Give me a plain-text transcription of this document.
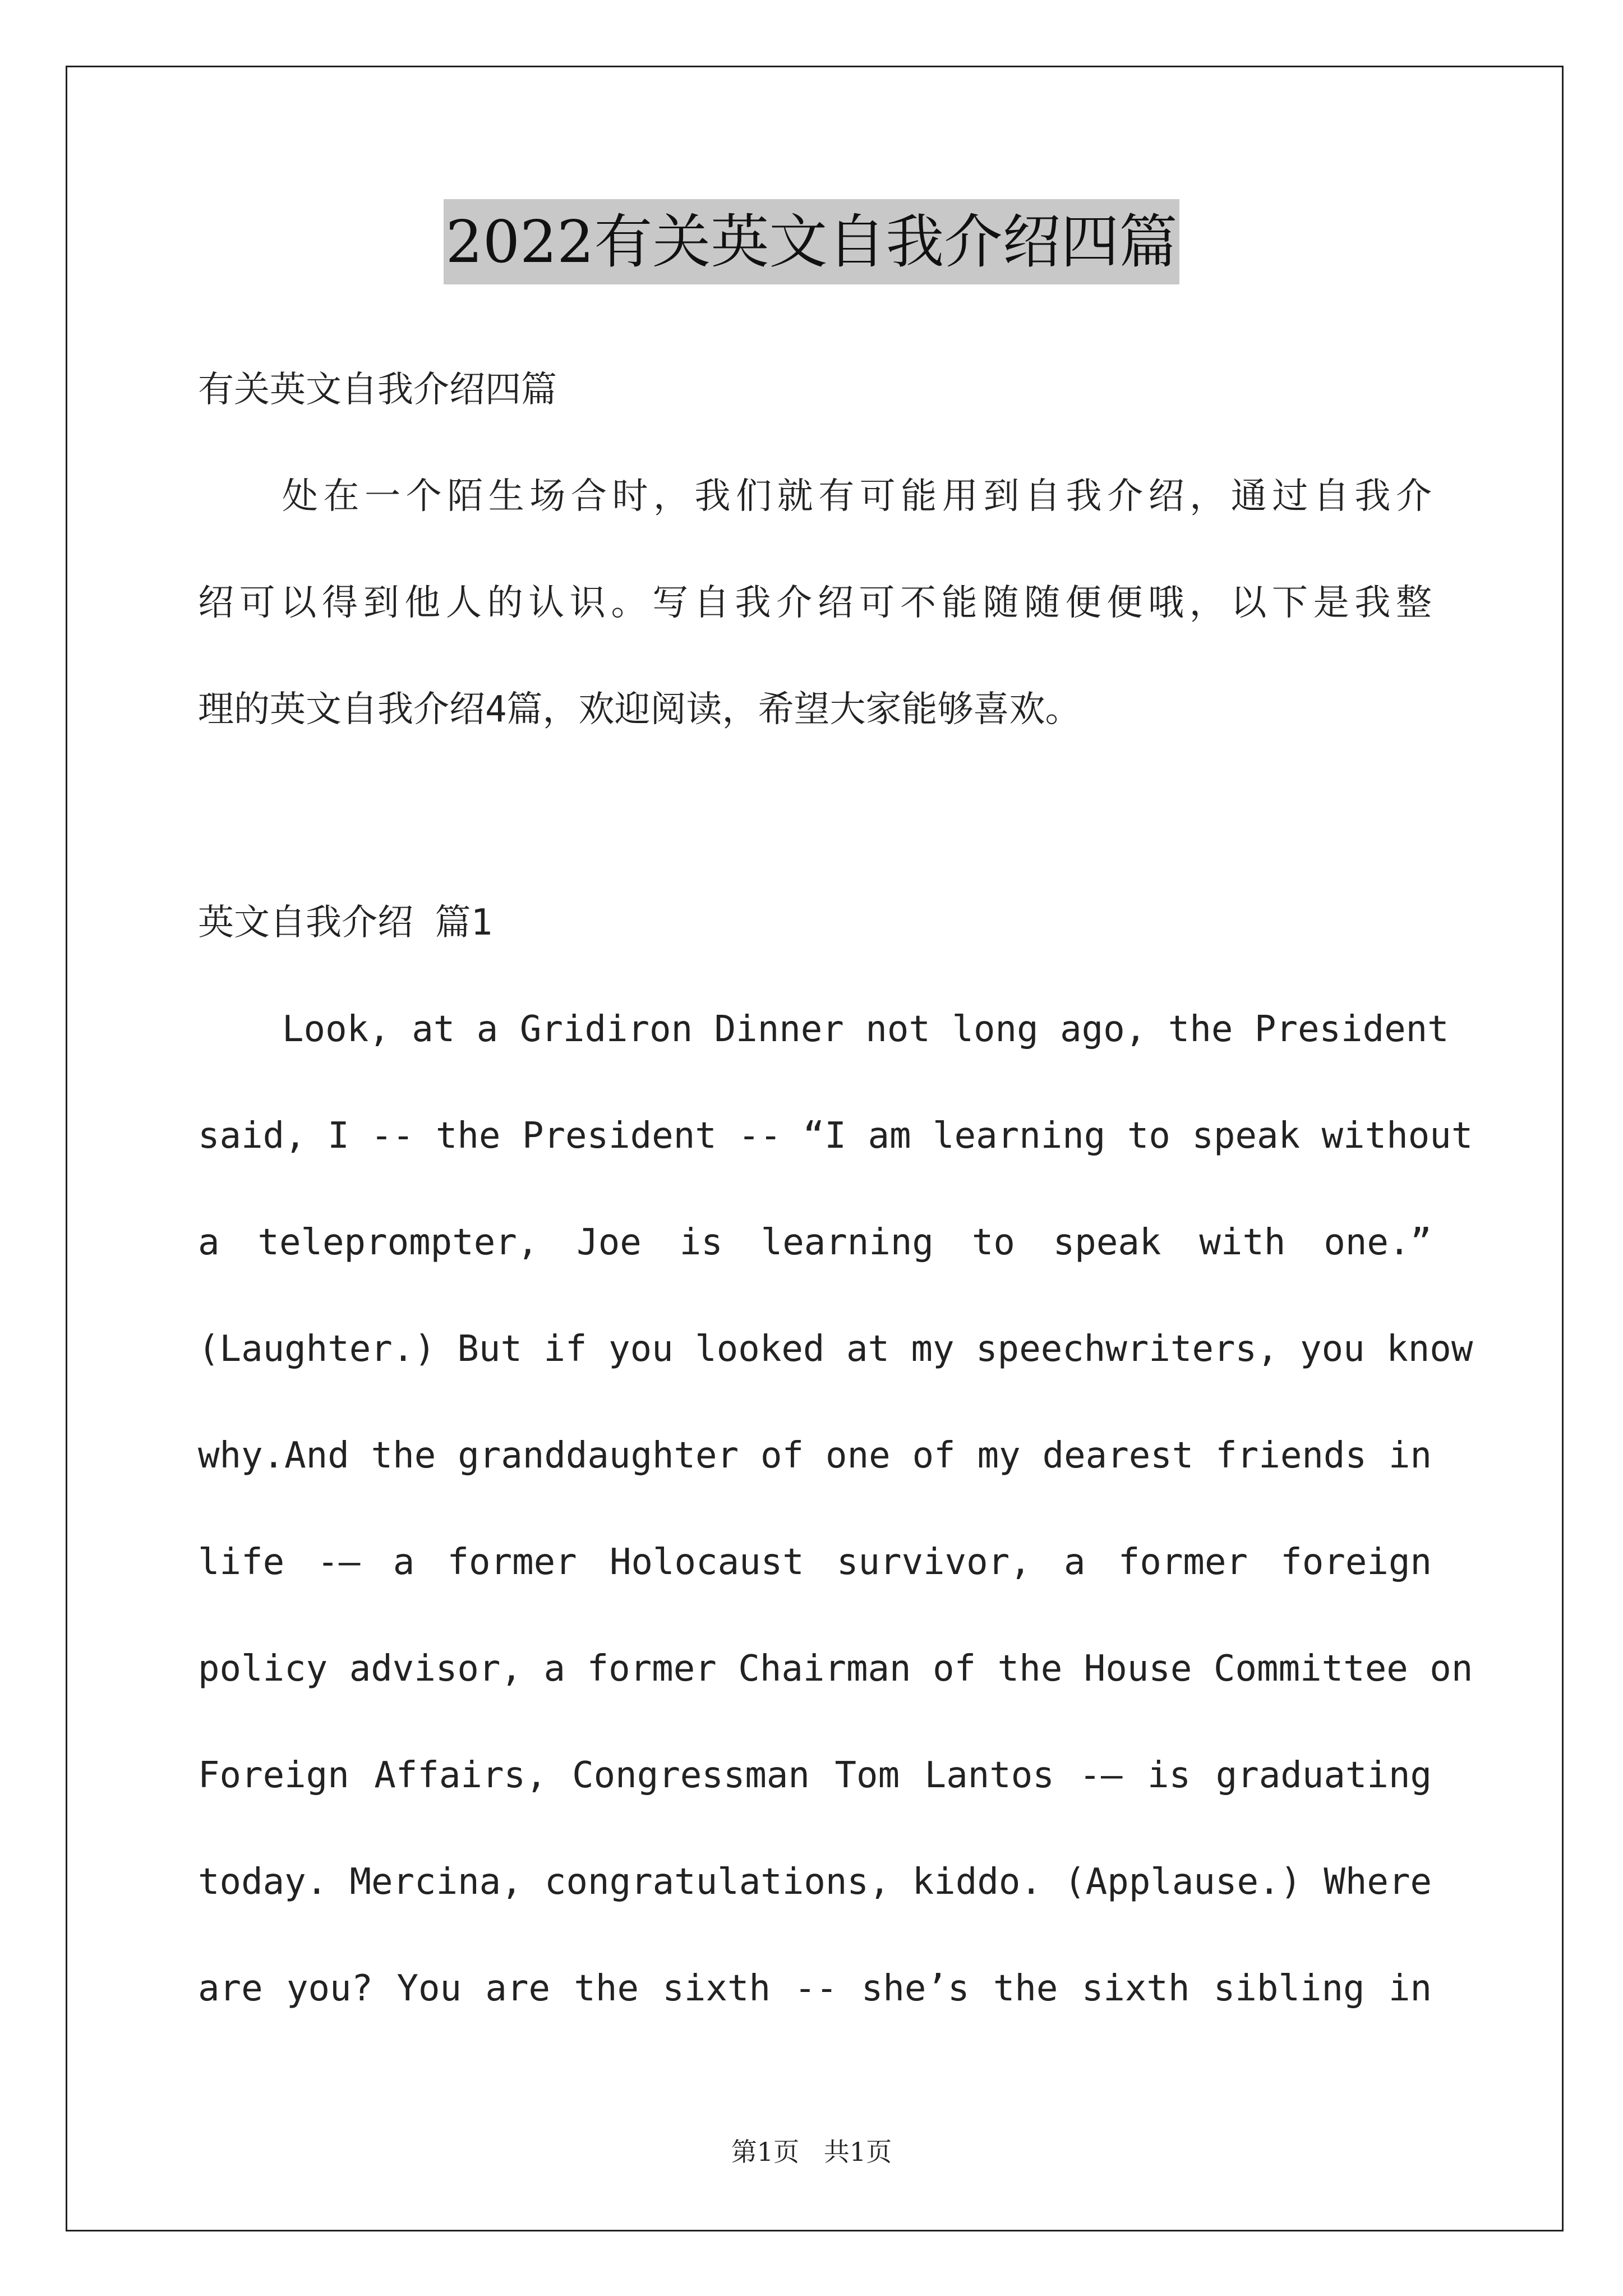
2022有关英文自我介绍四篇
有关英文自我介绍四篇
处在一个陌生场合时，我们就有可能用到自我介绍，通过自我介
绍可以得到他人的认识。写自我介绍可不能随随便便哦，以下是我整
理的英文自我介绍4篇，欢迎阅读，希望大家能够喜欢。
英文自我介绍 篇1
Look, at a Gridiron Dinner not long ago, the President
said, I -- the President -- “I am learning to speak without
a teleprompter, Joe is learning to speak with one.”
(Laughter.) But if you looked at my speechwriters, you know
why.And the granddaughter of one of my dearest friends in
life -— a former Holocaust survivor, a former foreign
policy advisor, a former Chairman of the House Committee on
Foreign Affairs, Congressman Tom Lantos -— is graduating
today. Mercina, congratulations, kiddo. (Applause.) Where
are you? You are the sixth -- she’s the sixth sibling in
第1页   共1页
